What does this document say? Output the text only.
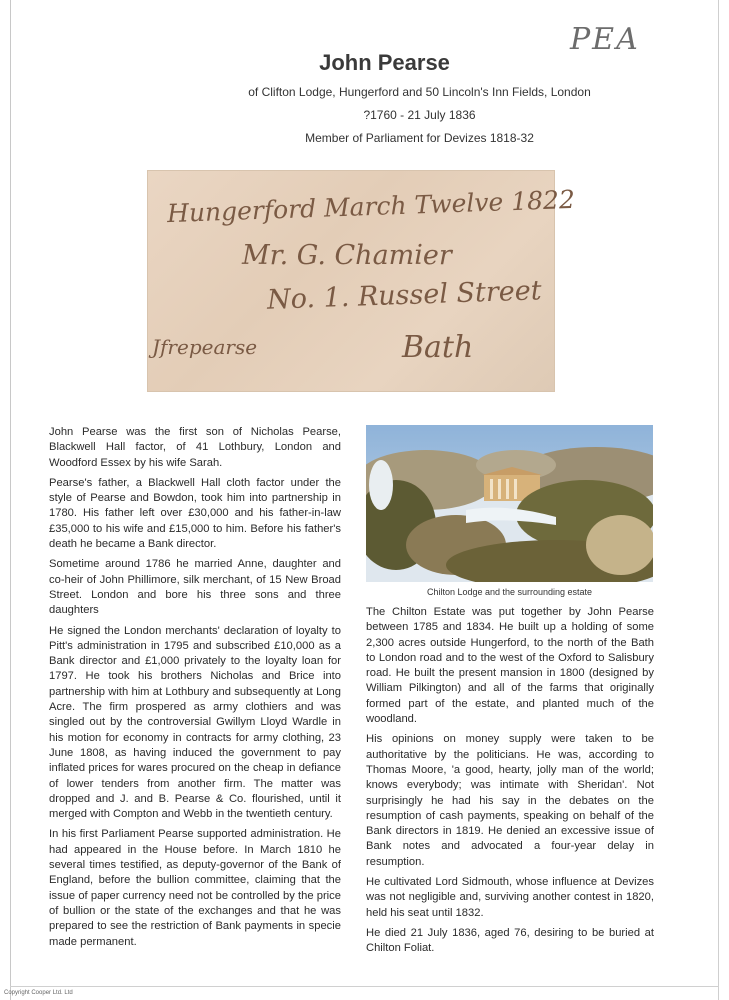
PEA
John Pearse
of Clifton Lodge, Hungerford and 50 Lincoln's Inn Fields, London
?1760 - 21 July 1836
Member of Parliament for Devizes 1818-32
Hungerford March Twelve 1822
Mr. G. Chamier
No. 1. Russel Street
Jfrepearse	Bath

John Pearse was the first son of Nicholas Pearse, Blackwell Hall factor, of 41 Lothbury, London and Woodford Essex by his wife Sarah.

Pearse's father, a Blackwell Hall cloth factor under the style of Pearse and Bowdon, took him into partnership in 1780. His father left over £30,000 and his father-in-law £35,000 to his wife and £15,000 to him. Before his father's death he became a Bank director.

Sometime around 1786 he married Anne, daughter and co-heir of John Phillimore, silk merchant, of 15 New Broad Street. London and bore his three sons and three daughters

He signed the London merchants' declaration of loyalty to Pitt's administration in 1795 and subscribed £10,000 as a Bank director and £1,000 privately to the loyalty loan for 1797. He took his brothers Nicholas and Brice into partnership with him at Lothbury and subsequently at Long Acre. The firm prospered as army clothiers and was singled out by the controversial Gwillym Lloyd Wardle in his motion for economy in contracts for army clothing, 23 June 1808, as having induced the government to pay inflated prices for wares procured on the cheap in defiance of lower tenders from another firm. The matter was dropped and J. and B. Pearse & Co. flourished, until it merged with Compton and Webb in the twentieth century.

In his first Parliament Pearse supported administration. He had appeared in the House before. In March 1810 he several times testified, as deputy-governor of the Bank of England, before the bullion committee, claiming that the issue of paper currency need not be controlled by the price of bullion or the state of the exchanges and that he was prepared to see the restriction of Bank payments in specie made permanent.

Chilton Lodge and the surrounding estate

The Chilton Estate was put together by John Pearse between 1785 and 1834. He built up a holding of some 2,300 acres outside Hungerford, to the north of the Bath to London road and to the west of the Oxford to Salisbury road. He built the present mansion in 1800 (designed by William Pilkington) and all of the farms that originally formed part of the estate, and planted much of the woodland.

His opinions on money supply were taken to be authoritative by the politicians. He was, according to Thomas Moore, 'a good, hearty, jolly man of the world; knows everybody; was intimate with Sheridan'. Not surprisingly he had his say in the debates on the resumption of cash payments, speaking on behalf of the Bank directors in 1819. He denied an excessive issue of Bank notes and advocated a four-year delay in resumption.

He cultivated Lord Sidmouth, whose influence at Devizes was not negligible and, surviving another contest in 1820, held his seat until 1832.

He died 21 July 1836, aged 76, desiring to be buried at Chilton Foliat.

Copyright Cooper Ltd. Ltd
